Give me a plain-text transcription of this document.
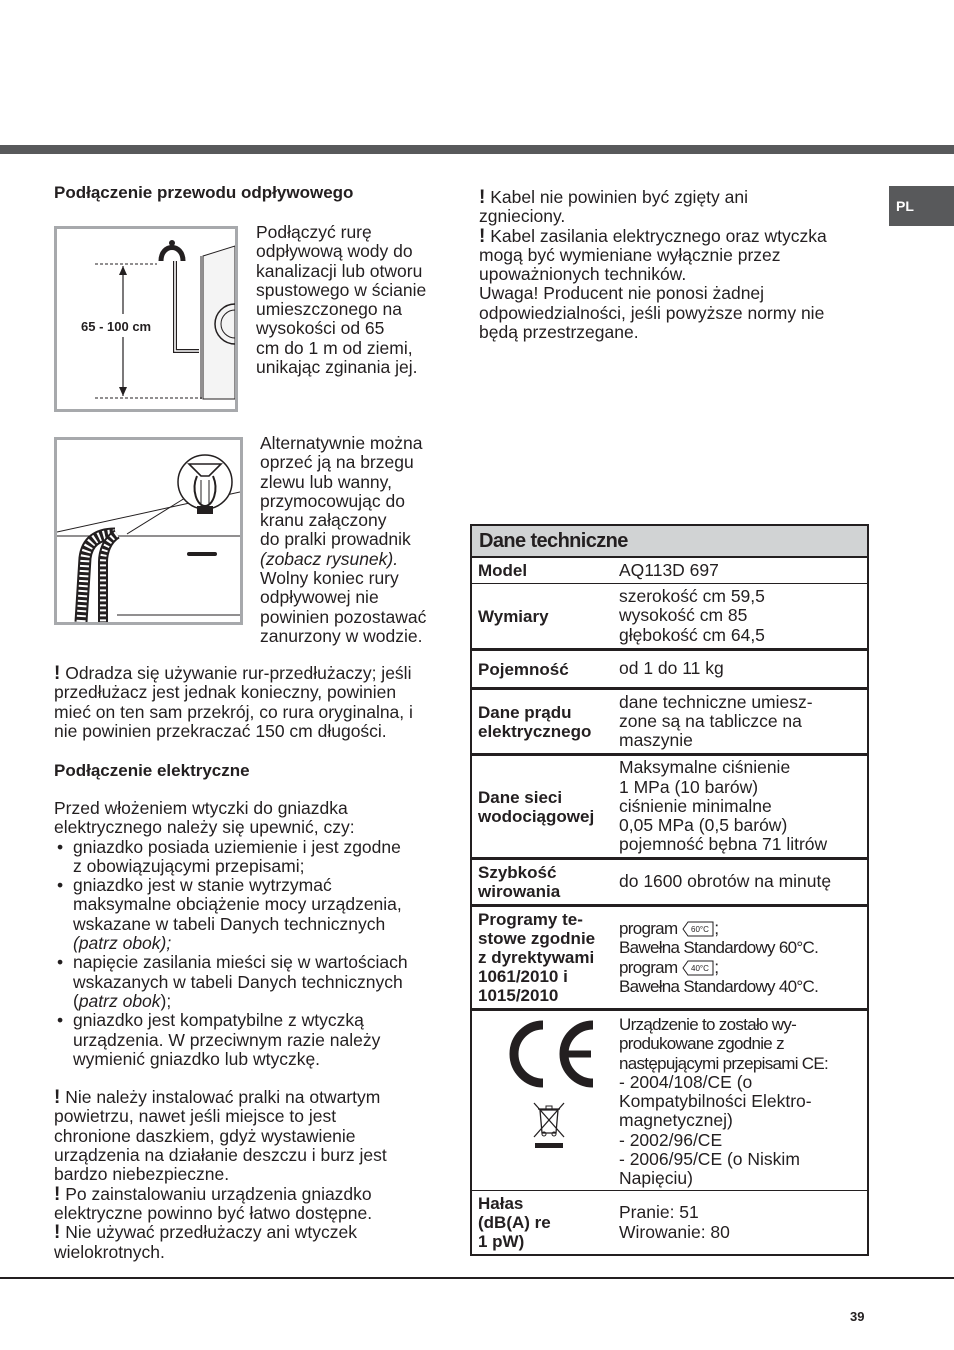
PL
39
Podłączenie przewodu odpływowego
65 - 100 cm
Podłączyć rurę
odpływową wody do
kanalizacji lub otworu
spustowego w ścianie
umieszczonego na
wysokości od 65
cm do 1 m od ziemi,
unikając zginania jej.
Alternatywnie można
oprzeć ją na brzegu
zlewu lub wanny,
przymocowując do
kranu załączony
do pralki prowadnik
(zobacz rysunek).
Wolny koniec rury
odpływowej nie
powinien pozostawać
zanurzony w wodzie.
! Odradza się używanie rur-przedłużaczy; jeśli
przedłużacz jest jednak konieczny, powinien
mieć on ten sam przekrój, co rura oryginalna, i
nie powinien przekraczać 150 cm długości.
Podłączenie elektryczne
Przed włożeniem wtyczki do gniazdka
elektrycznego należy się upewnić, czy:
• gniazdko posiada uziemienie i jest zgodne
z obowiązującymi przepisami;
• gniazdko jest w stanie wytrzymać
maksymalne obciążenie mocy urządzenia,
wskazane w tabeli Danych technicznych
(patrz obok);
• napięcie zasilania mieści się w wartościach
wskazanych w tabeli Danych technicznych
(patrz obok);
• gniazdko jest kompatybilne z wtyczką
urządzenia. W przeciwnym razie należy
wymienić gniazdko lub wtyczkę.
! Nie należy instalować pralki na otwartym
powietrzu, nawet jeśli miejsce to jest
chronione daszkiem, gdyż wystawienie
urządzenia na działanie deszczu i burz jest
bardzo niebezpieczne.
! Po zainstalowaniu urządzenia gniazdko
elektryczne powinno być łatwo dostępne.
! Nie używać przedłużaczy ani wtyczek
wielokrotnych.
! Kabel nie powinien być zgięty ani
zgnieciony.
! Kabel zasilania elektrycznego oraz wtyczka
mogą być wymieniane wyłącznie przez
upoważnionych techników.
Uwaga! Producent nie ponosi żadnej
odpowiedzialności, jeśli powyższe normy nie
będą przestrzegane.
Dane techniczne
Model	AQ113D 697
Wymiary
szerokość cm 59,5
wysokość cm 85
głębokość cm 64,5
Pojemność	od 1 do 11 kg
Dane prądu
elektrycznego
dane techniczne umiesz-
zone są na tabliczce na
maszynie
Dane sieci
wodociągowej
Maksymalne ciśnienie
1 MPa (10 barów)
ciśnienie minimalne
0,05 MPa (0,5 barów)
pojemność bębna 71 litrów
Szybkość
wirowania
do 1600 obrotów na minutę
Programy te-
stowe zgodnie
z dyrektywami
1061/2010 i
1015/2010
program 60°C ;
Bawełna Standardowy 60°C.
program 40°C ;
Bawełna Standardowy 40°C.
Urządzenie to zostało wy-
produkowane zgodnie z
następującymi przepisami CE:
- 2004/108/CE (o
Kompatybilności Elektro-
magnetycznej)
- 2002/96/CE
- 2006/95/CE (o Niskim
Napięciu)
Hałas
(dB(A) re
1 pW)
Pranie: 51
Wirowanie: 80
